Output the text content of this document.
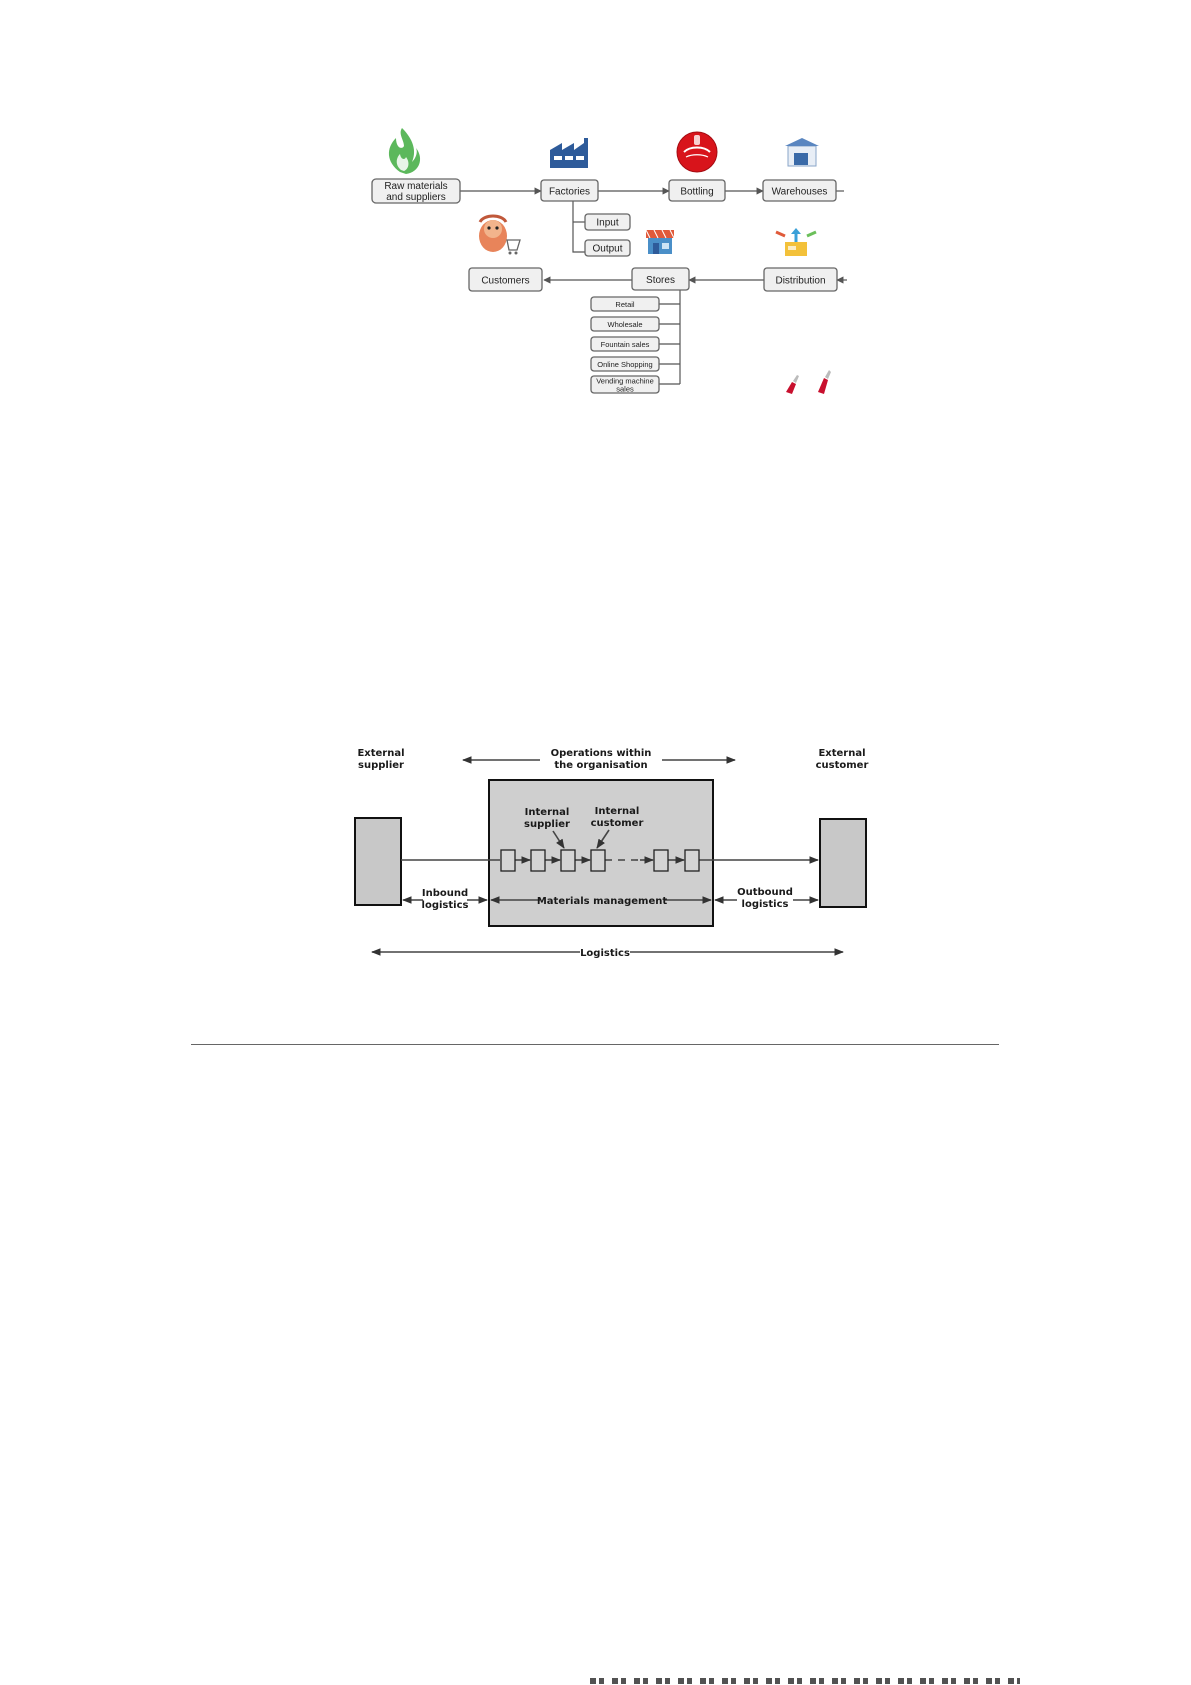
Raw materials
and suppliers	Factories	Bottling	Warehouses
Input
Output
Customers	Stores	Distribution
Retail
Wholesale
Fountain sales
Online Shopping
Vending machine
sales
External
supplier
Operations within
the organisation
External
customer
Internal
supplier
Internal
customer
Inbound
logistics	Materials management
Outbound
logistics
Logistics
